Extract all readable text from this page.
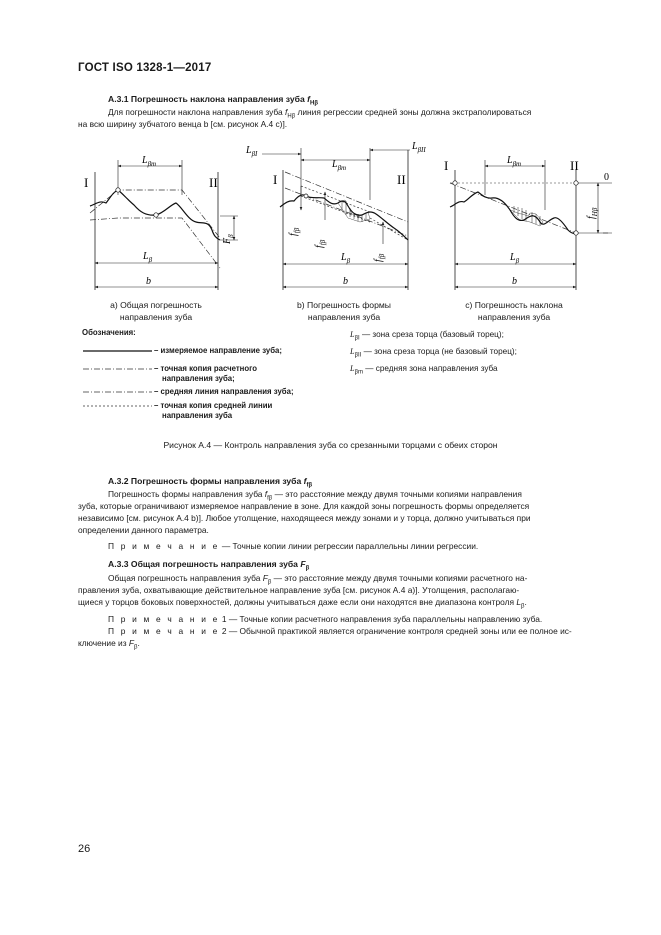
ГОСТ ISO 1328-1—2017
А.3.1 Погрешность наклона направления зуба $f_{H\beta}$
Для погрешности наклона направления зуба $f_{H\beta}$ линия регрессии средней зоны должна экстраполироваться
на всю ширину зубчатого венца b [см. рисунок А.4 с)].
$L_{\beta m}$
I	II
$F_\beta$
$L_\beta$
b
$L_{\beta I}$
$L_{\beta II}$
$L_{\beta m}$
I	II
$f_{f\beta}$
$f_{f\beta}$
$f_{f\beta}$
$L_\beta$
b
$L_{\beta m}$
I	II
0
$f_{H\beta}$
$L_\beta$
b
а) Общая погрешность
направления зуба
b) Погрешность формы
направления зуба
с) Погрешность наклона
направления зуба
Обозначения:
– измеряемое направление зуба;
– точная копия расчетного
направления зуба;
– средняя линия направления зуба;
– точная копия средней линии
направления зуба
$L_{\beta I}$ — зона среза торца (базовый торец);
$L_{\beta II}$ — зона среза торца (не базовый торец);
$L_{\beta m}$ — средняя зона направления зуба
Рисунок А.4 — Контроль направления зуба со срезанными торцами с обеих сторон
А.3.2 Погрешность формы направления зуба $f_{f\beta}$
Погрешность формы направления зуба $f_{f\beta}$ — это расстояние между двумя точными копиями направления
зуба, которые ограничивают измеряемое направление в зоне. Для каждой зоны погрешность формы определяется
независимо [см. рисунок А.4 b)]. Любое утолщение, находящееся между зонами и у торца, должно учитываться при
определении данного параметра.
П р и м е ч а н и е — Точные копии линии регрессии параллельны линии регрессии.
А.3.3 Общая погрешность направления зуба $F_\beta$
Общая погрешность направления зуба $F_\beta$ — это расстояние между двумя точными копиями расчетного на-
правления зуба, охватывающие действительное направление зуба [см. рисунок А.4 а)]. Утолщения, располагаю-
щиеся у торцов боковых поверхностей, должны учитываться даже если они находятся вне диапазона контроля $L_\beta$.
П р и м е ч а н и е 1 — Точные копии расчетного направления зуба параллельны направлению зуба.
П р и м е ч а н и е 2 — Обычной практикой является ограничение контроля средней зоны или ее полное ис-
ключение из $F_\beta$.
26
